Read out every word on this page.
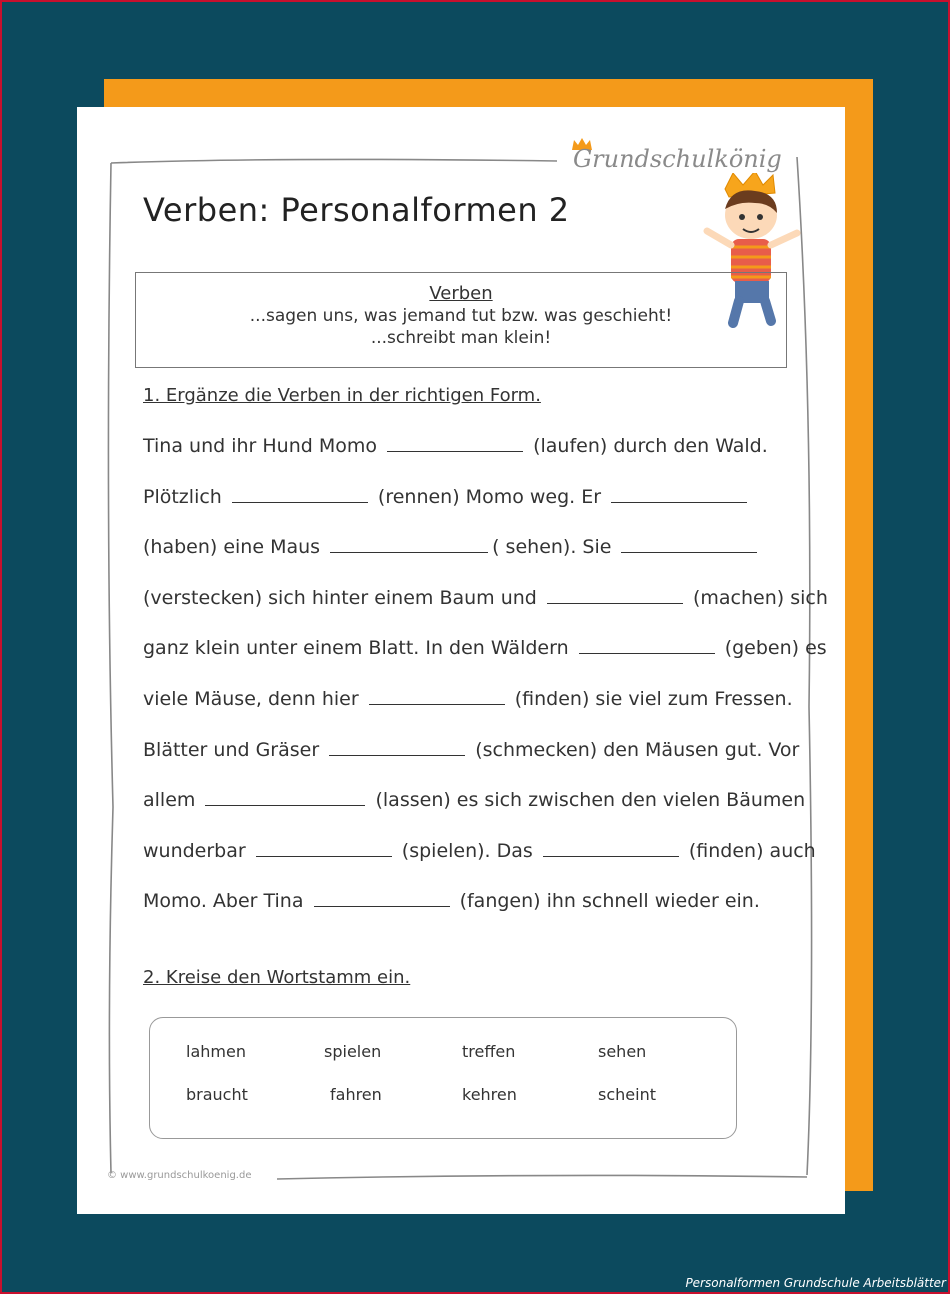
Grundschulkönig
Verben: Personalformen 2
Verben
...sagen uns, was jemand tut bzw. was geschieht!
...schreibt man klein!
1. Ergänze die Verben in der richtigen Form.
Tina und ihr Hund Momo	(laufen) durch den Wald.
Plötzlich	(rennen) Momo weg. Er
(haben) eine Maus	( sehen). Sie
(verstecken) sich hinter einem Baum und	(machen) sich
ganz klein unter einem Blatt. In den Wäldern	(geben) es
viele Mäuse, denn hier	(finden) sie viel zum Fressen.
Blätter und Gräser	(schmecken) den Mäusen gut. Vor
allem	(lassen) es sich zwischen den vielen Bäumen
wunderbar	(spielen). Das	(finden) auch
Momo. Aber Tina	(fangen) ihn schnell wieder ein.
2. Kreise den Wortstamm ein.
lahmen	spielen	treffen	sehen
braucht	fahren	kehren	scheint
© www.grundschulkoenig.de
Personalformen Grundschule Arbeitsblätter
